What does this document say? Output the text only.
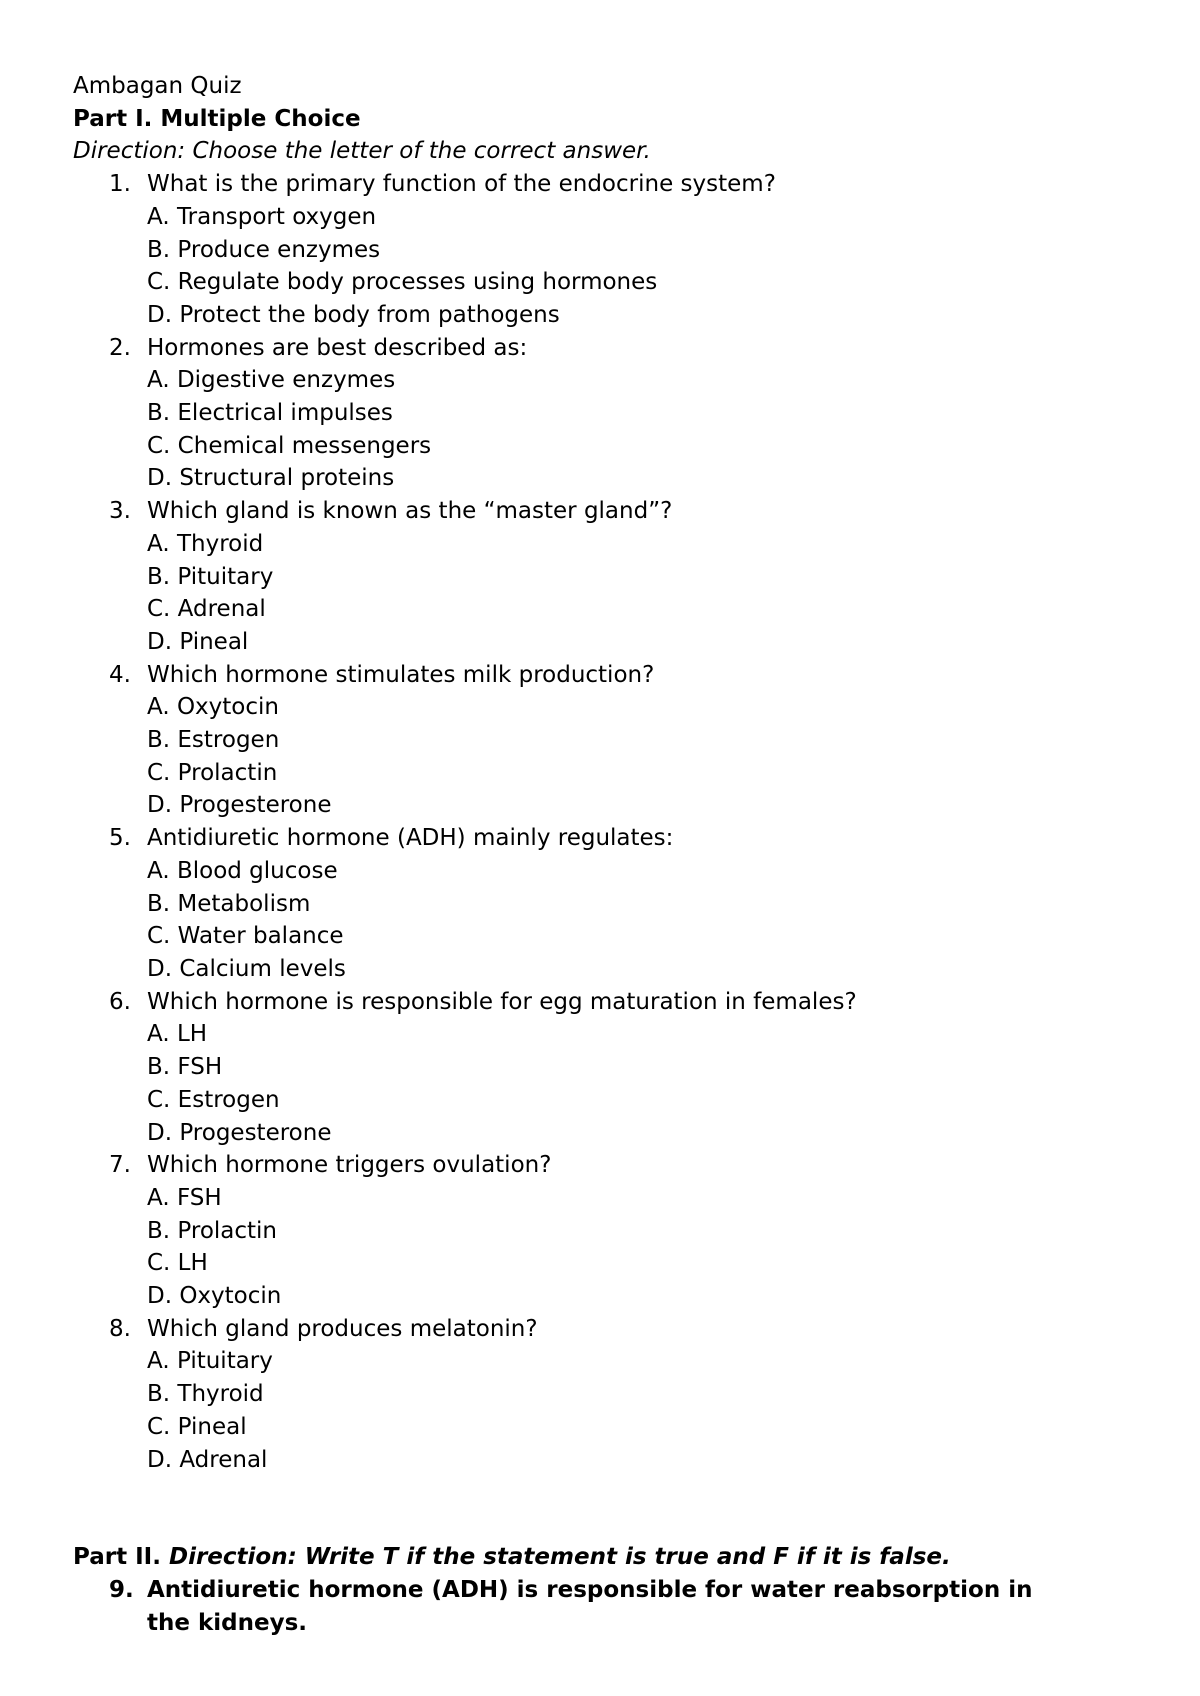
Ambagan Quiz
Part I. Multiple Choice
Direction: Choose the letter of the correct answer.
1. What is the primary function of the endocrine system?
A. Transport oxygen
B. Produce enzymes
C. Regulate body processes using hormones
D. Protect the body from pathogens
2. Hormones are best described as:
A. Digestive enzymes
B. Electrical impulses
C. Chemical messengers
D. Structural proteins
3. Which gland is known as the “master gland”?
A. Thyroid
B. Pituitary
C. Adrenal
D. Pineal
4. Which hormone stimulates milk production?
A. Oxytocin
B. Estrogen
C. Prolactin
D. Progesterone
5. Antidiuretic hormone (ADH) mainly regulates:
A. Blood glucose
B. Metabolism
C. Water balance
D. Calcium levels
6. Which hormone is responsible for egg maturation in females?
A. LH
B. FSH
C. Estrogen
D. Progesterone
7. Which hormone triggers ovulation?
A. FSH
B. Prolactin
C. LH
D. Oxytocin
8. Which gland produces melatonin?
A. Pituitary
B. Thyroid
C. Pineal
D. Adrenal
Part II. Direction: Write T if the statement is true and F if it is false.
9. Antidiuretic hormone (ADH) is responsible for water reabsorption in
the kidneys.
